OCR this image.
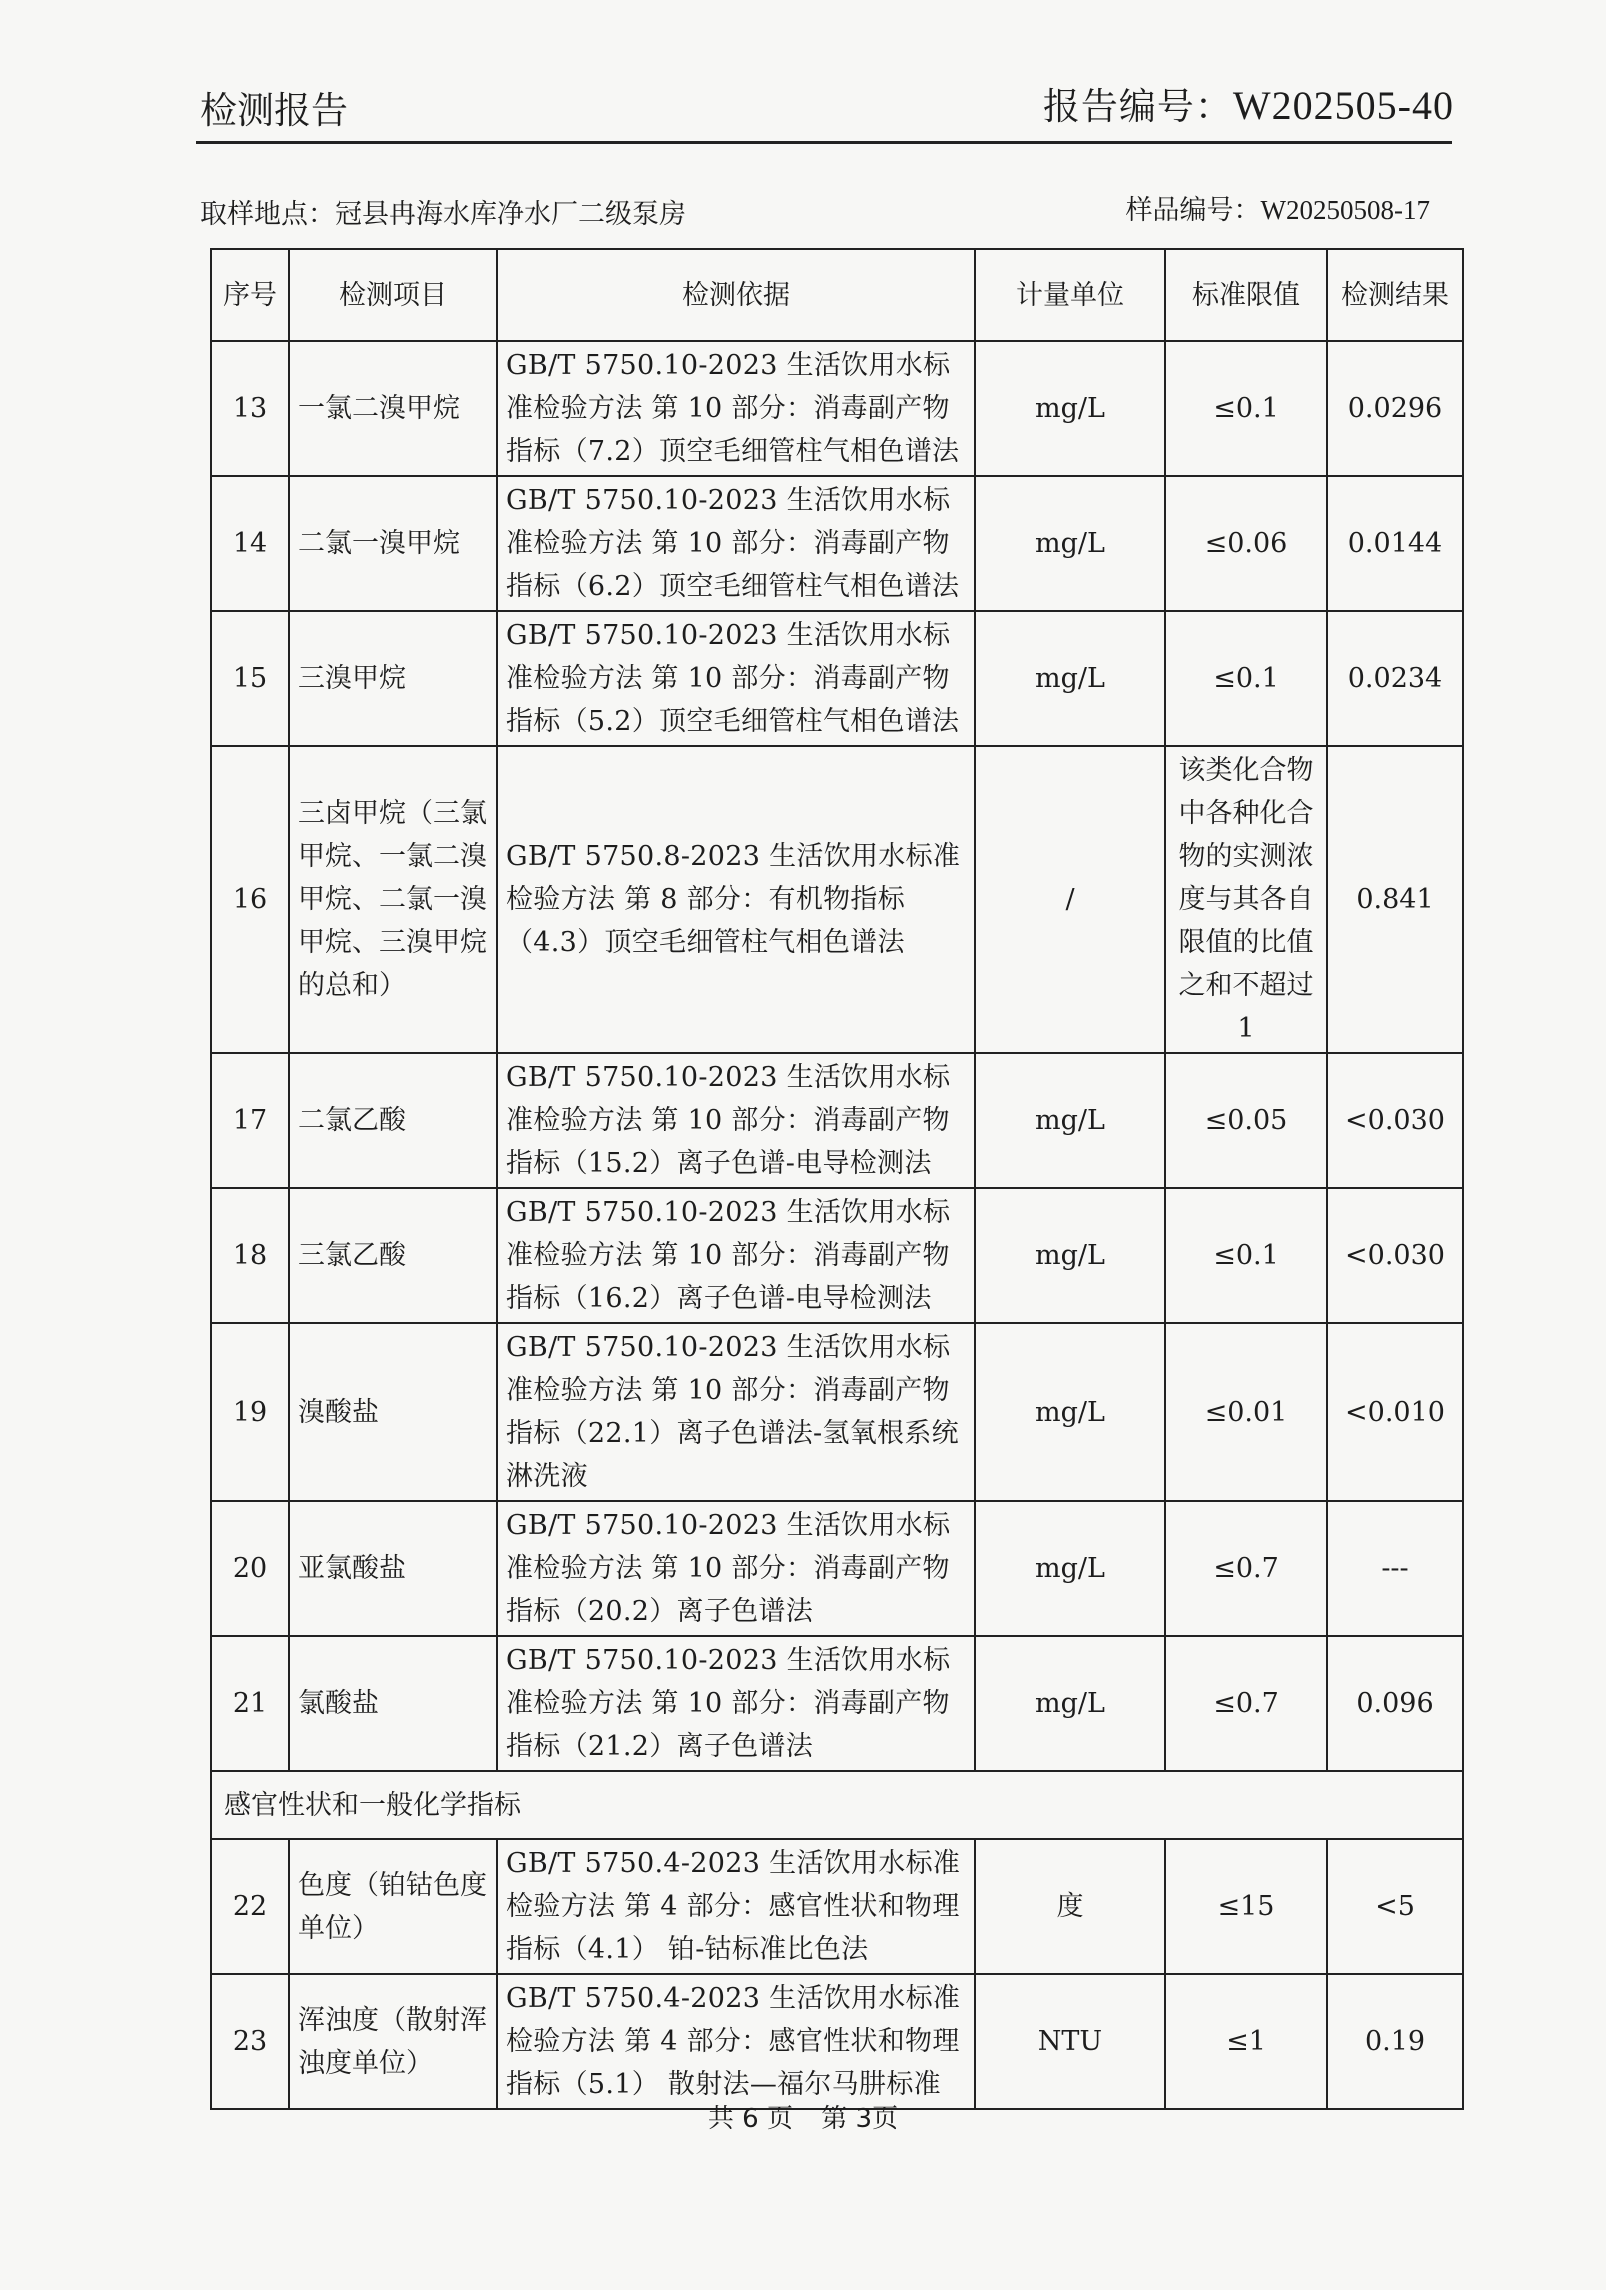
检测报告	报告编号：W202505-40
取样地点：冠县冉海水库净水厂二级泵房	样品编号：W20250508-17
序号	检测项目	检测依据	计量单位	标准限值	检测结果
13	一氯二溴甲烷	GB/T 5750.10-2023 生活饮用水标准检验方法 第 10 部分：消毒副产物指标（7.2）顶空毛细管柱气相色谱法	mg/L	≤0.1	0.0296
14	二氯一溴甲烷	GB/T 5750.10-2023 生活饮用水标准检验方法 第 10 部分：消毒副产物指标（6.2）顶空毛细管柱气相色谱法	mg/L	≤0.06	0.0144
15	三溴甲烷	GB/T 5750.10-2023 生活饮用水标准检验方法 第 10 部分：消毒副产物指标（5.2）顶空毛细管柱气相色谱法	mg/L	≤0.1	0.0234
16	三卤甲烷（三氯甲烷、一氯二溴甲烷、二氯一溴甲烷、三溴甲烷的总和）	GB/T 5750.8-2023 生活饮用水标准检验方法 第 8 部分：有机物指标（4.3）顶空毛细管柱气相色谱法	/	该类化合物中各种化合物的实测浓度与其各自限值的比值之和不超过 1	0.841
17	二氯乙酸	GB/T 5750.10-2023 生活饮用水标准检验方法 第 10 部分：消毒副产物指标（15.2）离子色谱-电导检测法	mg/L	≤0.05	<0.030
18	三氯乙酸	GB/T 5750.10-2023 生活饮用水标准检验方法 第 10 部分：消毒副产物指标（16.2）离子色谱-电导检测法	mg/L	≤0.1	<0.030
19	溴酸盐	GB/T 5750.10-2023 生活饮用水标准检验方法 第 10 部分：消毒副产物指标（22.1）离子色谱法-氢氧根系统淋洗液	mg/L	≤0.01	<0.010
20	亚氯酸盐	GB/T 5750.10-2023 生活饮用水标准检验方法 第 10 部分：消毒副产物指标（20.2）离子色谱法	mg/L	≤0.7	---
21	氯酸盐	GB/T 5750.10-2023 生活饮用水标准检验方法 第 10 部分：消毒副产物指标（21.2）离子色谱法	mg/L	≤0.7	0.096
感官性状和一般化学指标					
22	色度（铂钴色度单位）	GB/T 5750.4-2023 生活饮用水标准检验方法 第 4 部分：感官性状和物理指标（4.1） 铂-钴标准比色法	度	≤15	<5
23	浑浊度（散射浑浊度单位）	GB/T 5750.4-2023 生活饮用水标准检验方法 第 4 部分：感官性状和物理指标（5.1） 散射法—福尔马肼标准	NTU	≤1	0.19
共 6 页 第 3页
